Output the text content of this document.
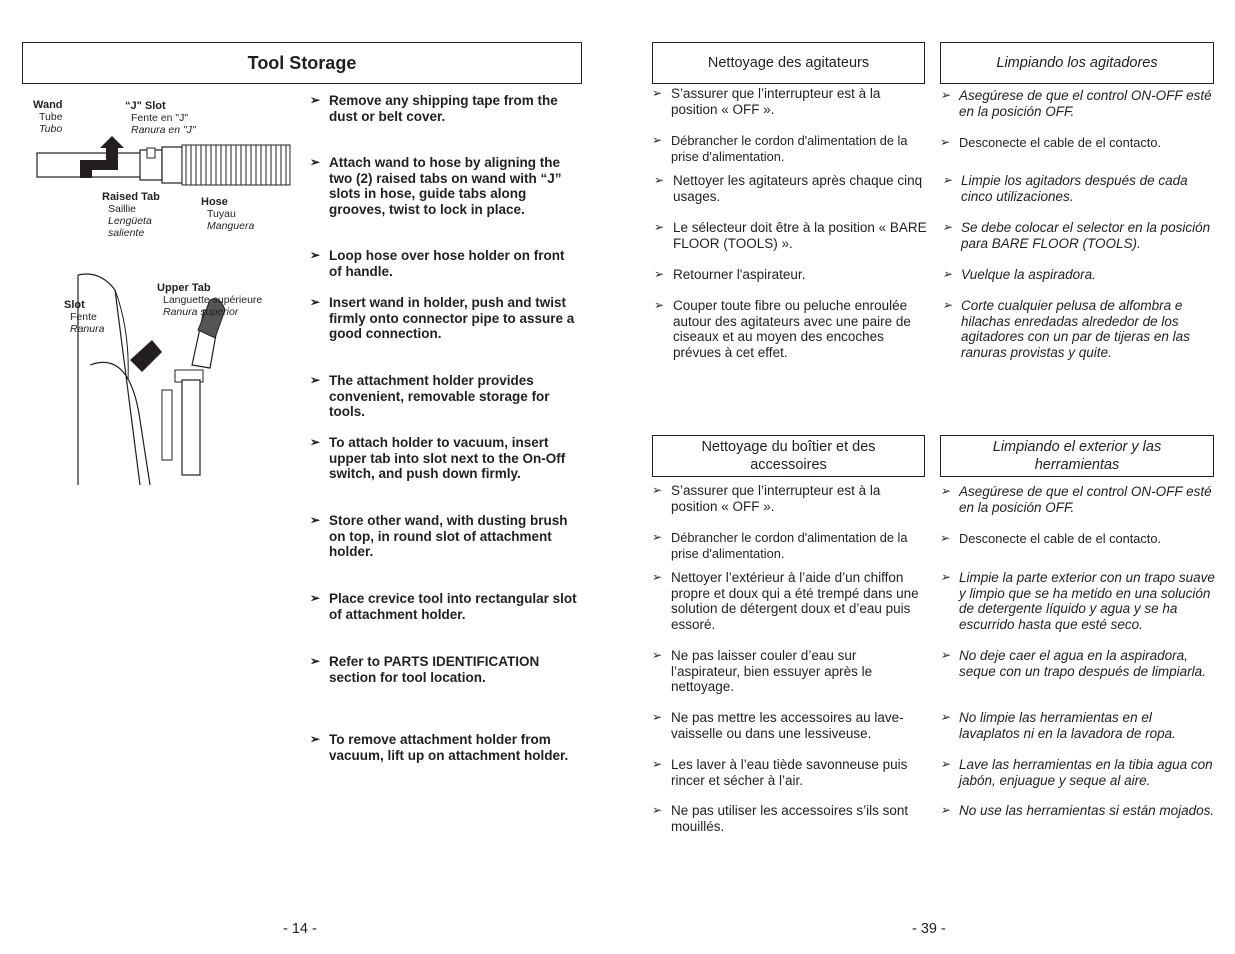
Tool Storage
Wand
Tube
Tubo
“J" Slot
Fente en "J"
Ranura en "J"
Raised Tab
Saillie
Lengüeta
saliente
Hose
Tuyau
Manguera
Upper Tab
Languette supérieure
Ranura superior
Slot
Fente
Ranura
➢ Remove any shipping tape from the dust or belt cover.
➢ Attach wand to hose by aligning the two (2) raised tabs on wand with “J” slots in hose, guide tabs along grooves, twist to lock in place.
➢ Loop hose over hose holder on front of handle.
➢ Insert wand in holder, push and twist firmly onto connector pipe to assure a good connection.
➢ The attachment holder provides convenient, removable storage for tools.
➢ To attach holder to vacuum, insert upper tab into slot next to the On-Off switch, and push down firmly.
➢ Store other wand, with dusting brush on top, in round slot of attachment holder.
➢ Place crevice tool into rectangular slot of attachment holder.
➢ Refer to PARTS IDENTIFICATION section for tool location.
➢ To remove attachment holder from vacuum, lift up on attachment holder.
- 14 -
Nettoyage des agitateurs	Limpiando los agitadores
➢ S’assurer que l’interrupteur est à la position « OFF ».
➢ Débrancher le cordon d'alimentation de la prise d'alimentation.
➢ Nettoyer les agitateurs après chaque cinq usages.
➢ Le sélecteur doit être à la position « BARE FLOOR (TOOLS) ».
➢ Retourner l'aspirateur.
➢ Couper toute fibre ou peluche enroulée autour des agitateurs avec une paire de ciseaux et au moyen des encoches prévues à cet effet.
➢ Asegúrese de que el control ON-OFF esté en la posición OFF.
➢ Desconecte el cable de el contacto.
➢ Limpie los agitadors después de cada cinco utilizaciones.
➢ Se debe colocar el selector en la posición para BARE FLOOR (TOOLS).
➢ Vuelque la aspiradora.
➢ Corte cualquier pelusa de alfombra e hilachas enredadas alrededor de los agitadores con un par de tijeras en las ranuras provistas y quite.
Nettoyage du boîtier et des accessoires
Limpiando el exterior y las herramientas
➢ S’assurer que l’interrupteur est à la position « OFF ».
➢ Débrancher le cordon d'alimentation de la prise d'alimentation.
➢ Nettoyer l’extérieur à l’aide d’un chiffon propre et doux qui a été trempé dans une solution de détergent doux et d’eau puis essoré.
➢ Ne pas laisser couler d’eau sur l’aspirateur, bien essuyer après le nettoyage.
➢ Ne pas mettre les accessoires au lave-vaisselle ou dans une lessiveuse.
➢ Les laver à l’eau tiède savonneuse puis rincer et sécher à l’air.
➢ Ne pas utiliser les accessoires s’ils sont mouillés.
➢ Asegúrese de que el control ON-OFF esté en la posición OFF.
➢ Desconecte el cable de el contacto.
➢ Limpie la parte exterior con un trapo suave y limpio que se ha metido en una solución de detergente líquido y agua y se ha escurrido hasta que esté seco.
➢ No deje caer el agua en la aspiradora, seque con un trapo después de limpiarla.
➢ No limpie las herramientas en el lavaplatos ni en la lavadora de ropa.
➢ Lave las herramientas en la tibia agua con jabón, enjuague y seque al aire.
➢ No use las herramientas si están mojados.
- 39 -
